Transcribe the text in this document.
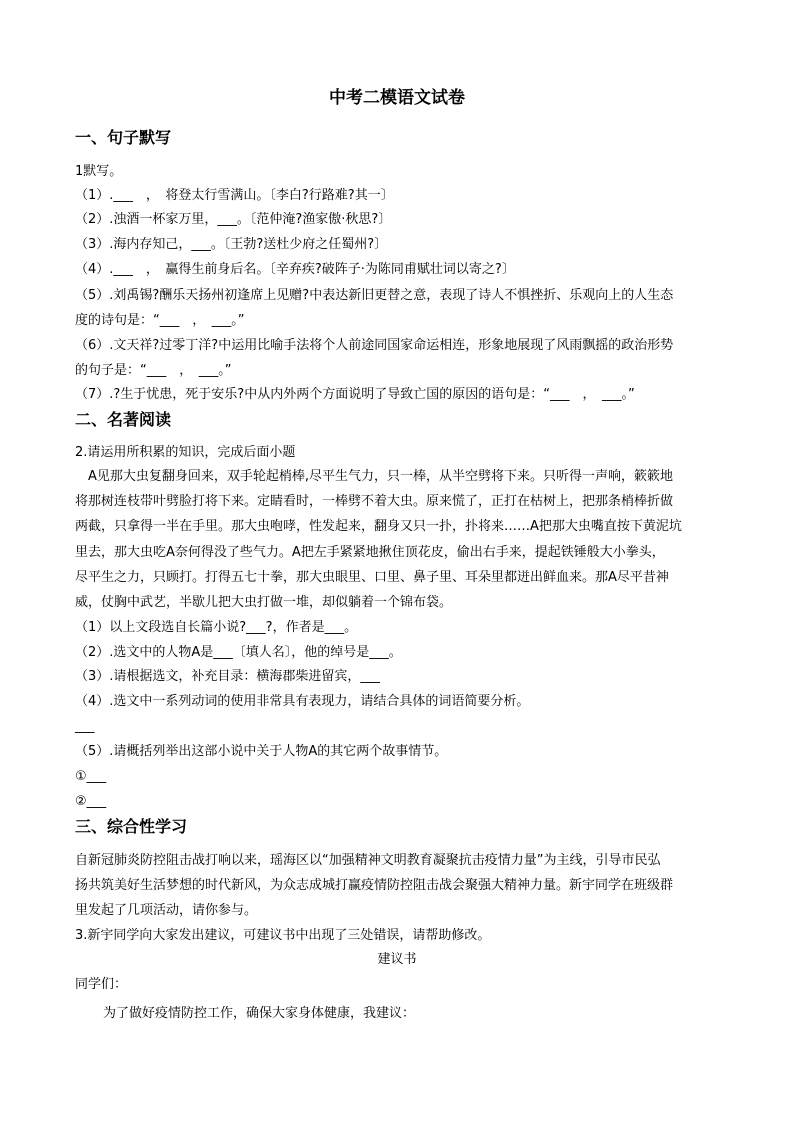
中考二模语文试卷
一、句子默写
1默写。
（1）.___　，　将登太行雪满山。〔李白?行路难?其一〕
（2）.浊酒一杯家万里，___。〔范仲淹?渔家傲·秋思?〕
（3）.海内存知己，___。〔王勃?送杜少府之任蜀州?〕
（4）.___　，　赢得生前身后名。〔辛弃疾?破阵子·为陈同甫赋壮词以寄之?〕
（5）.刘禹锡?酬乐天扬州初逢席上见赠?中表达新旧更替之意，表现了诗人不惧挫折、乐观向上的人生态
度的诗句是：“___　，　___。”
（6）.文天祥?过零丁洋?中运用比喻手法将个人前途同国家命运相连，形象地展现了风雨飘摇的政治形势
的句子是：“___　，　___。”
（7）.?生于忧患，死于安乐?中从内外两个方面说明了导致亡国的原因的语句是：“___　，　___。”
二、名著阅读
2.请运用所积累的知识，完成后面小题
　A见那大虫复翻身回来，双手轮起梢棒,尽平生气力，只一棒，从半空劈将下来。只听得一声响，簌簌地
将那树连枝带叶劈脸打将下来。定睛看时，一棒劈不着大虫。原来慌了，正打在枯树上，把那条梢棒折做
两截，只拿得一半在手里。那大虫咆哮，性发起来，翻身又只一扑，扑将来……A把那大虫嘴直按下黄泥坑
里去，那大虫吃A奈何得没了些气力。A把左手紧紧地揪住顶花皮，偷出右手来，提起铁锤般大小拳头，
尽平生之力，只顾打。打得五七十拳，那大虫眼里、口里、鼻子里、耳朵里都迸出鲜血来。那A尽平昔神
威，仗胸中武艺，半歇儿把大虫打做一堆，却似躺着一个锦布袋。
（1）以上文段选自长篇小说?___?，作者是___。
（2）.选文中的人物A是___〔填人名〕，他的绰号是___。
（3）.请根据选文，补充目录：横海郡柴进留宾，___
（4）.选文中一系列动词的使用非常具有表现力，请结合具体的词语简要分析。
___
（5）.请概括列举出这部小说中关于人物A的其它两个故事情节。
①___
②___
三、综合性学习
自新冠肺炎防控阻击战打响以来，瑶海区以“加强精神文明教育凝聚抗击疫情力量”为主线，引导市民弘
扬共筑美好生活梦想的时代新风，为众志成城打赢疫情防控阻击战会聚强大精神力量。新宇同学在班级群
里发起了几项活动，请你参与。
3.新宇同学向大家发出建议，可建议书中出现了三处错误，请帮助修改。
建议书
同学们：
为了做好疫情防控工作，确保大家身体健康，我建议：
